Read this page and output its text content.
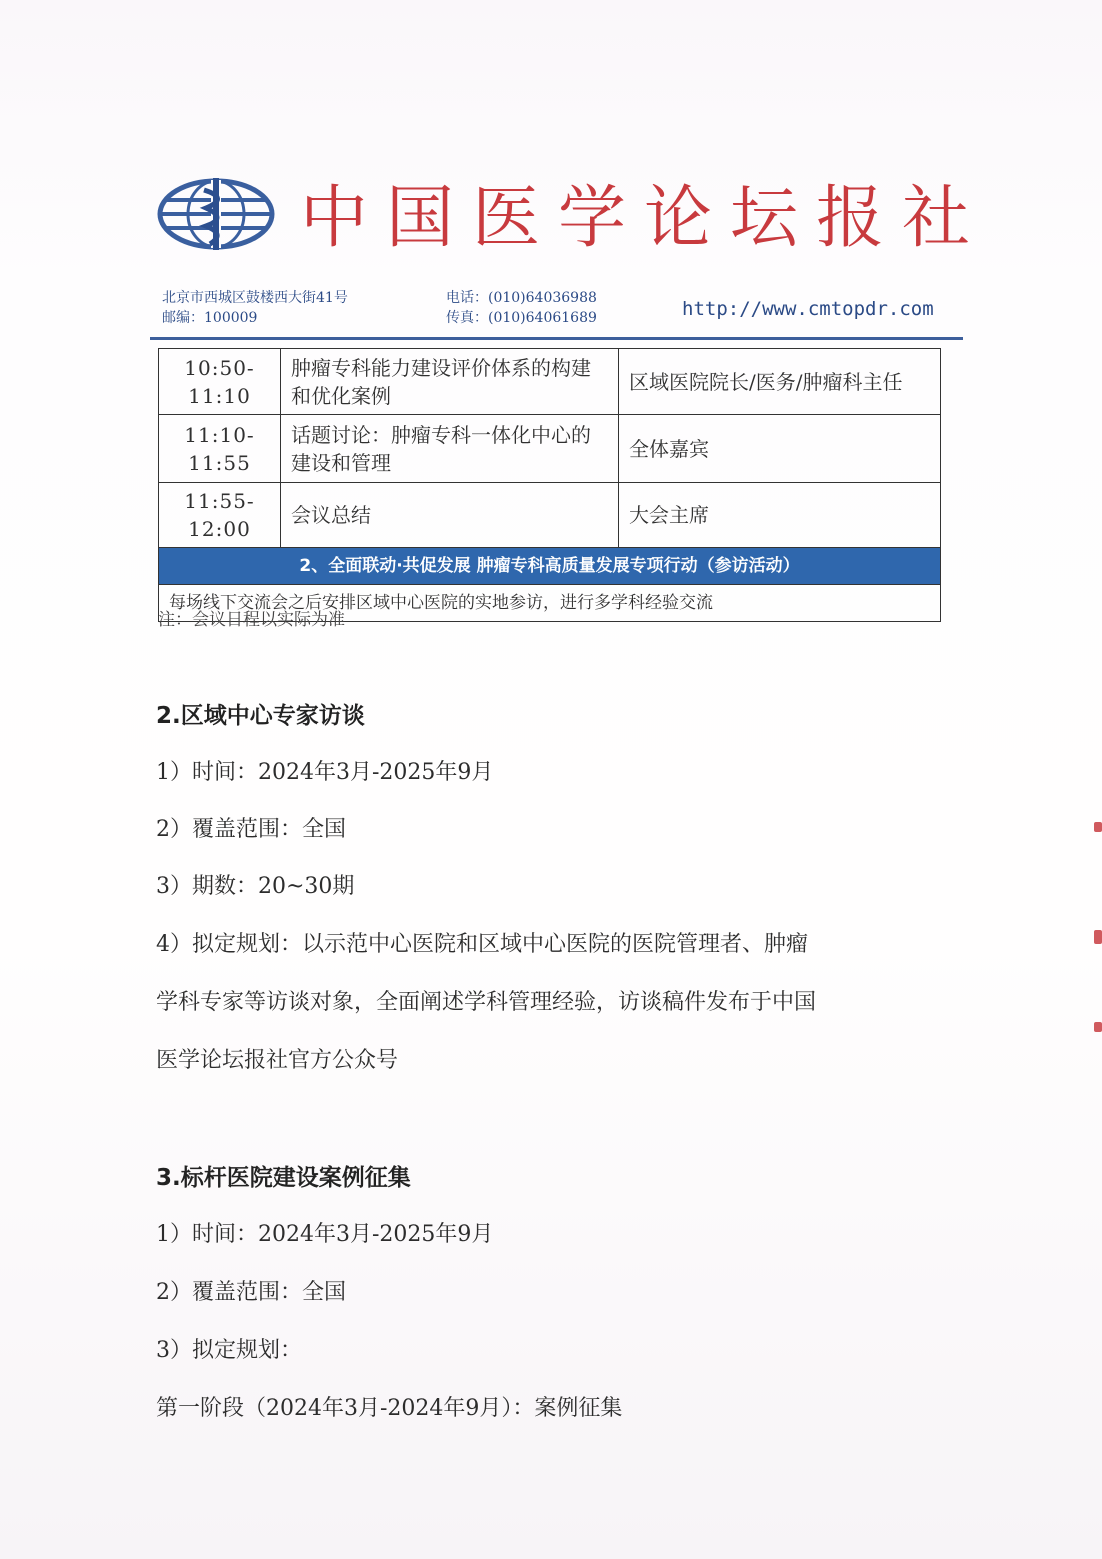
中国医学论坛报社
北京市西城区鼓楼西大街41号
邮编：100009
电话：(010)64036988
传真：(010)64061689	http://www.cmtopdr.com
10:50-11:10	肿瘤专科能力建设评价体系的构建和优化案例	区域医院院长/医务/肿瘤科主任
11:10-11:55	话题讨论：肿瘤专科一体化中心的建设和管理	全体嘉宾
11:55-12:00	会议总结	大会主席
2、全面联动·共促发展 肿瘤专科高质量发展专项行动（参访活动）		
每场线下交流会之后安排区域中心医院的实地参访，进行多学科经验交流		
注：会议日程以实际为准
2.区域中心专家访谈
1）时间：2024年3月-2025年9月
2）覆盖范围：全国
3）期数：20~30期
4）拟定规划：以示范中心医院和区域中心医院的医院管理者、肿瘤
学科专家等访谈对象，全面阐述学科管理经验，访谈稿件发布于中国
医学论坛报社官方公众号
3.标杆医院建设案例征集
1）时间：2024年3月-2025年9月
2）覆盖范围：全国
3）拟定规划：
第一阶段（2024年3月-2024年9月）：案例征集
